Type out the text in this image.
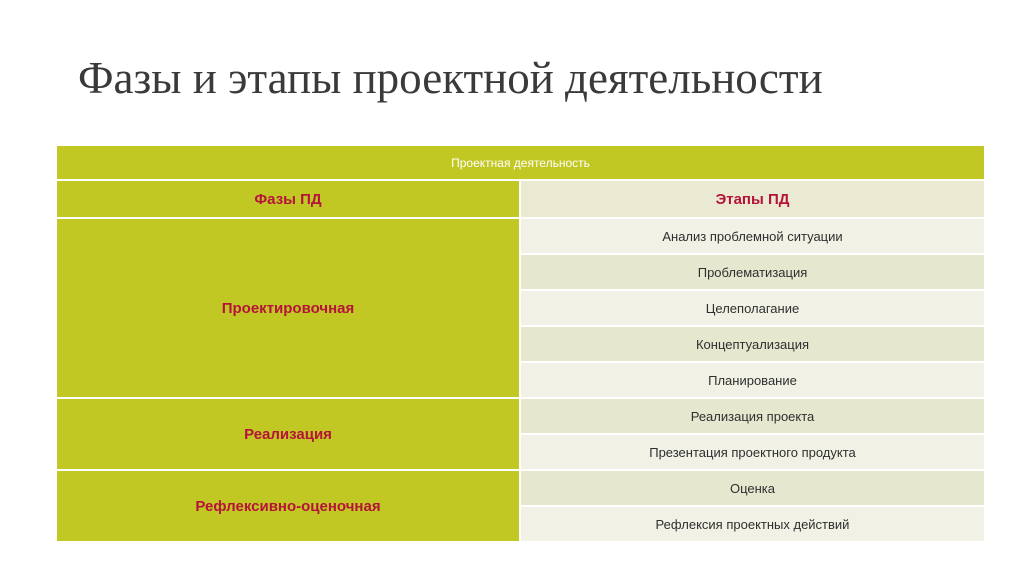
Фазы и этапы проектной деятельности
Проектная деятельность	
Фазы ПД	Этапы ПД
Проектировочная	Анализ проблемной ситуации
	Проблематизация
	Целеполагание
	Концептуализация
	Планирование
Реализация	Реализация проекта
	Презентация проектного продукта
Рефлексивно-оценочная	Оценка
	Рефлексия проектных действий
